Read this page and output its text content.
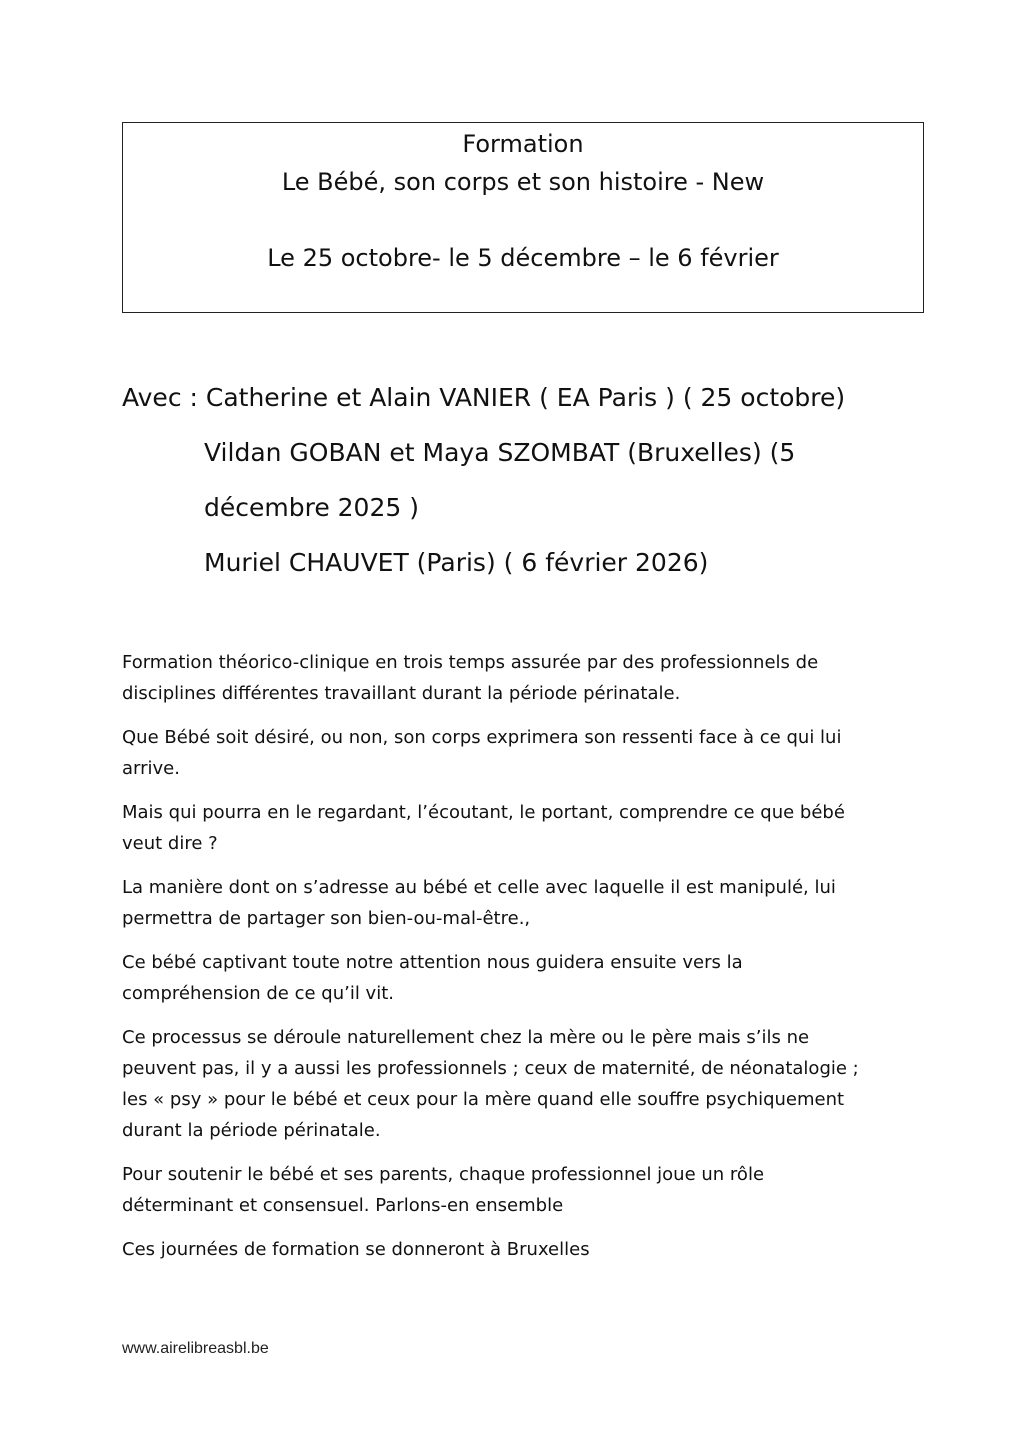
Formation
Le Bébé, son corps et son histoire - New
Le 25 octobre- le 5 décembre – le 6 février
Avec : Catherine et Alain VANIER ( EA Paris ) ( 25 octobre)
Vildan GOBAN et Maya SZOMBAT (Bruxelles) (5
décembre 2025 )
Muriel CHAUVET (Paris) ( 6 février 2026)

Formation théorico-clinique en trois temps assurée par des professionnels de
disciplines différentes travaillant durant la période périnatale.

Que Bébé soit désiré, ou non, son corps exprimera son ressenti face à ce qui lui
arrive.

Mais qui pourra en le regardant, l’écoutant, le portant, comprendre ce que bébé
veut dire ?

La manière dont on s’adresse au bébé et celle avec laquelle il est manipulé, lui
permettra de partager son bien-ou-mal-être.,

Ce bébé captivant toute notre attention nous guidera ensuite vers la
compréhension de ce qu’il vit.

Ce processus se déroule naturellement chez la mère ou le père mais s’ils ne
peuvent pas, il y a aussi les professionnels ; ceux de maternité, de néonatalogie ;
les « psy » pour le bébé et ceux pour la mère quand elle souffre psychiquement
durant la période périnatale.

Pour soutenir le bébé et ses parents, chaque professionnel joue un rôle
déterminant et consensuel. Parlons-en ensemble

Ces journées de formation se donneront à Bruxelles

www.airelibreasbl.be
